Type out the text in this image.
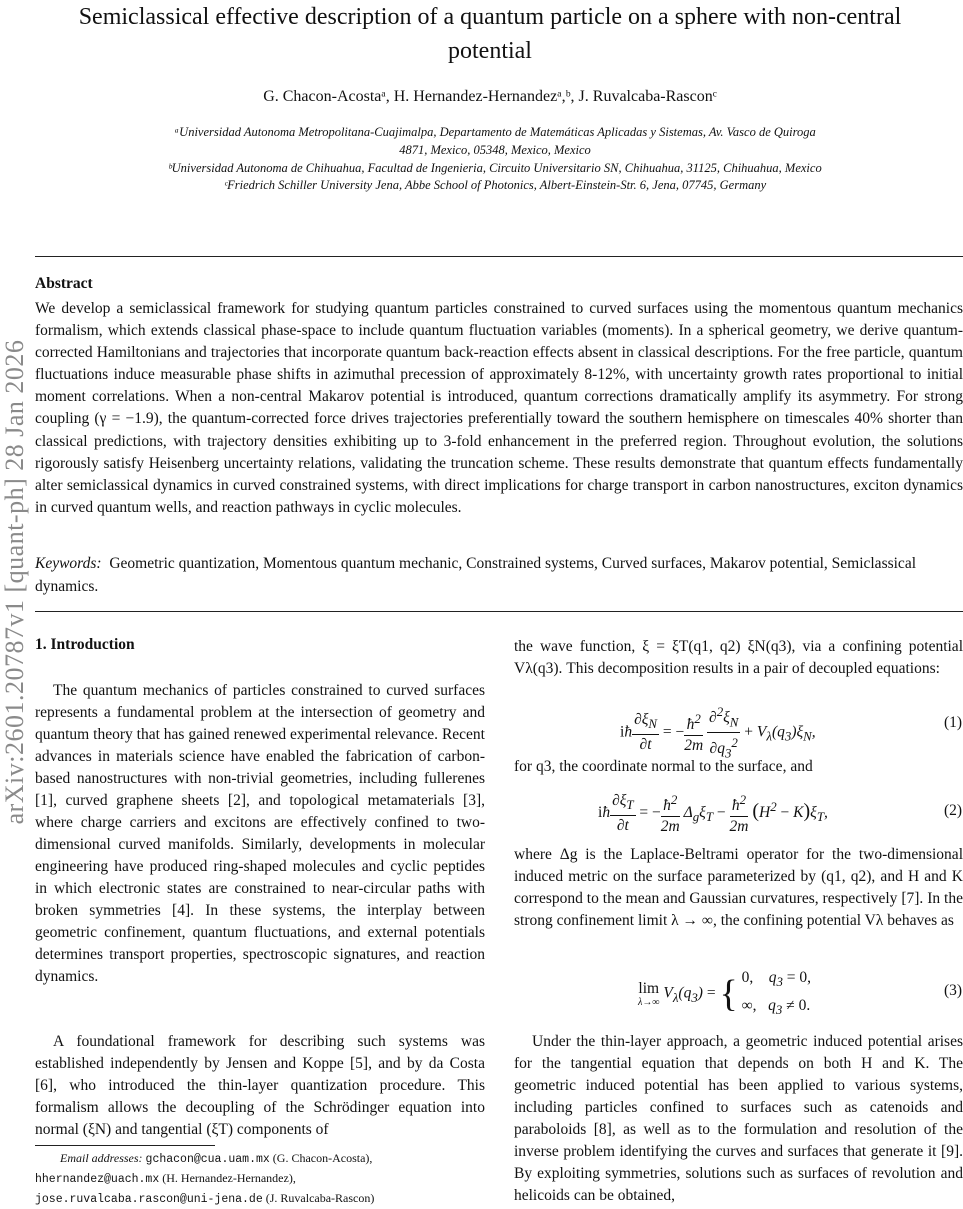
Semiclassical effective description of a quantum particle on a sphere with non-central
potential
G. Chacon-Acostaᵃ, H. Hernandez-Hernandezᵃ,ᵇ, J. Ruvalcaba-Rasconᶜ
ᵃUniversidad Autonoma Metropolitana-Cuajimalpa, Departamento de Matemáticas Aplicadas y Sistemas, Av. Vasco de Quiroga
4871, Mexico, 05348, Mexico, Mexico
ᵇUniversidad Autonoma de Chihuahua, Facultad de Ingenieria, Circuito Universitario SN, Chihuahua, 31125, Chihuahua, Mexico
ᶜFriedrich Schiller University Jena, Abbe School of Photonics, Albert-Einstein-Str. 6, Jena, 07745, Germany
arXiv:2601.20787v1 [quant-ph] 28 Jan 2026
Abstract
We develop a semiclassical framework for studying quantum particles constrained to curved surfaces using the momentous quantum mechanics formalism, which extends classical phase-space to include quantum fluctuation variables (moments). In a spherical geometry, we derive quantum-corrected Hamiltonians and trajectories that incorporate quantum back-reaction effects absent in classical descriptions. For the free particle, quantum fluctuations induce measurable phase shifts in azimuthal precession of approximately 8-12%, with uncertainty growth rates proportional to initial moment correlations. When a non-central Makarov potential is introduced, quantum corrections dramatically amplify its asymmetry. For strong coupling (γ = −1.9), the quantum-corrected force drives trajectories preferentially toward the southern hemisphere on timescales 40% shorter than classical predictions, with trajectory densities exhibiting up to 3-fold enhancement in the preferred region. Throughout evolution, the solutions rigorously satisfy Heisenberg uncertainty relations, validating the truncation scheme. These results demonstrate that quantum effects fundamentally alter semiclassical dynamics in curved constrained systems, with direct implications for charge transport in carbon nanostructures, exciton dynamics in curved quantum wells, and reaction pathways in cyclic molecules.
Keywords: Geometric quantization, Momentous quantum mechanic, Constrained systems, Curved surfaces, Makarov potential, Semiclassical dynamics.
1. Introduction
The quantum mechanics of particles constrained to curved surfaces represents a fundamental problem at the intersection of geometry and quantum theory that has gained renewed experimental relevance. Recent advances in materials science have enabled the fabrication of carbon-based nanostructures with non-trivial geometries, including fullerenes [1], curved graphene sheets [2], and topological metamaterials [3], where charge carriers and excitons are effectively confined to two-dimensional curved manifolds. Similarly, developments in molecular engineering have produced ring-shaped molecules and cyclic peptides in which electronic states are constrained to near-circular paths with broken symmetries [4]. In these systems, the interplay between geometric confinement, quantum fluctuations, and external potentials determines transport properties, spectroscopic signatures, and reaction dynamics.
A foundational framework for describing such systems was established independently by Jensen and Koppe [5], and by da Costa [6], who introduced the thin-layer quantization procedure. This formalism allows the decoupling of the Schrödinger equation into normal (ξN) and tangential (ξT) components of
Email addresses: gchacon@cua.uam.mx (G. Chacon-Acosta),
hhernandez@uach.mx (H. Hernandez-Hernandez),
jose.ruvalcaba.rascon@uni-jena.de (J. Ruvalcaba-Rascon)
the wave function, ξ = ξT(q1, q2) ξN(q3), via a confining potential Vλ(q3). This decomposition results in a pair of decoupled equations:
iħ $\frac{\partial\xi_N}{\partial t}$ = − $\frac{ħ^2}{2m}$
$\frac{\partial^2\xi_N}{\partial q_3^2} + V_\lambda(q_3)\xi_N$,
(1)
for q3, the coordinate normal to the surface, and
iħ $\frac{\partial\xi_T}{\partial t}$ = − $\frac{ħ^2}{2m} \Delta_g\xi_T - \frac{ħ^2}{2m} (H^2 - K)\xi_T$,	(2)
where Δg is the Laplace-Beltrami operator for the two-dimensional induced metric on the surface parameterized by (q1, q2), and H and K correspond to the mean and Gaussian curvatures, respectively [7]. In the strong confinement limit λ → ∞, the confining potential Vλ behaves as
lim
λ→∞
$V_\lambda(q_3)$ = { 0,    $q_3 = 0$,
∞,   $q_3 \ne 0$.
(3)
Under the thin-layer approach, a geometric induced potential arises for the tangential equation that depends on both H and K. The geometric induced potential has been applied to various systems, including particles confined to surfaces such as catenoids and paraboloids [8], as well as to the formulation and resolution of the inverse problem identifying the curves and surfaces that generate it [9]. By exploiting symmetries, solutions such as surfaces of revolution and helicoids can be obtained,
